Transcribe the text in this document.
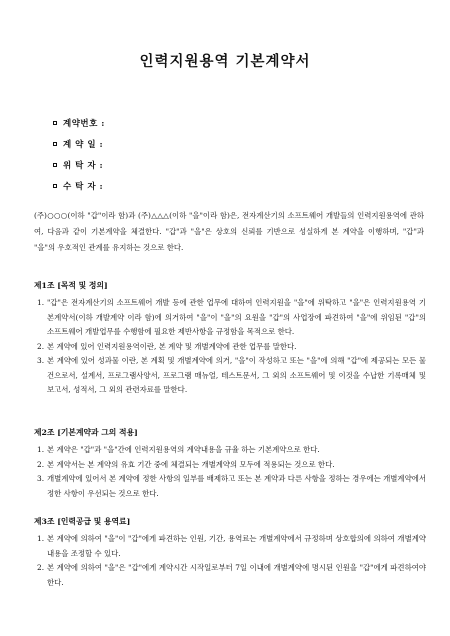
인력지원용역 기본계약서
계약번호 :
계 약 일 :
위 탁 자 :
수 탁 자 :

(주)○○○(이하 "갑"이라 함)과 (주)△△△(이하 "을"이라 함)은, 전자계산기의 소프트웨어 개발들의 인력지원용역에 관하여, 다음과 같이 기본계약을 체결한다. "갑"과 "을"은 상호의 신뢰를 기반으로 성실하게 본 계약을 이행하며, "갑"과 "을"의 우호적인 관계를 유지하는 것으로 한다.

제1조 [목적 및 정의]
1. "갑"은 전자계산기의 소프트웨어 개발 등에 관한 업무에 대하여 인력지원을 "을"에 위탁하고 "을"은 인력지원용역 기본계약서(이하 개발계약 이라 함)에 의거하여 "을"이 "을"의 요원을 "갑"의 사업장에 파견하여 "을"에 위임된 "갑"의 소프트웨어 개발업무를 수행함에 필요한 제반사항을 규정함을 목적으로 한다.
2. 본 계약에 있어 인력지원용역이란, 본 계약 및 개별계약에 관한 업무를 말한다.
3. 본 계약에 있어 성과물 이란, 본 계획 및 개별계약에 의거, "을"이 작성하고 또는 "을"에 의해 "갑"에 제공되는 모든 물건으로서, 설계서, 프로그램사양서, 프로그램 매뉴얼, 테스트문서, 그 외의 소프트웨어 및 이것을 수납한 기록매체 및 보고서, 성적서, 그 외의 관련자료를 말한다.
제2조 [기본계약과 그의 적용]
1. 본 계약은 "갑"과 "을"간에 인력지원용역의 계약내용을 규율 하는 기본계약으로 한다.
2. 본 계약서는 본 계약의 유효 기간 중에 체결되는 개별계약의 모두에 적용되는 것으로 한다.
3. 개별계약에 있어서 본 계약에 정한 사항의 일부를 배제하고 또는 본 계약과 다른 사항을 정하는 경우에는 개별계약에서 정한 사항이 우선되는 것으로 한다.
제3조 [인력공급 및 용역료]
1. 본 계약에 의하여 "을"이 "갑"에게 파견하는 인원, 기간, 용역료는 개별계약에서 규정하며 상호합의에 의하여 개별계약내용을 조정할 수 있다.
2. 본 계약에 의하여 "을"은 "갑"에게 계약시간 시작일로부터 7일 이내에 개별계약에 명시된 인원을 "갑"에게 파견하여야 한다.
